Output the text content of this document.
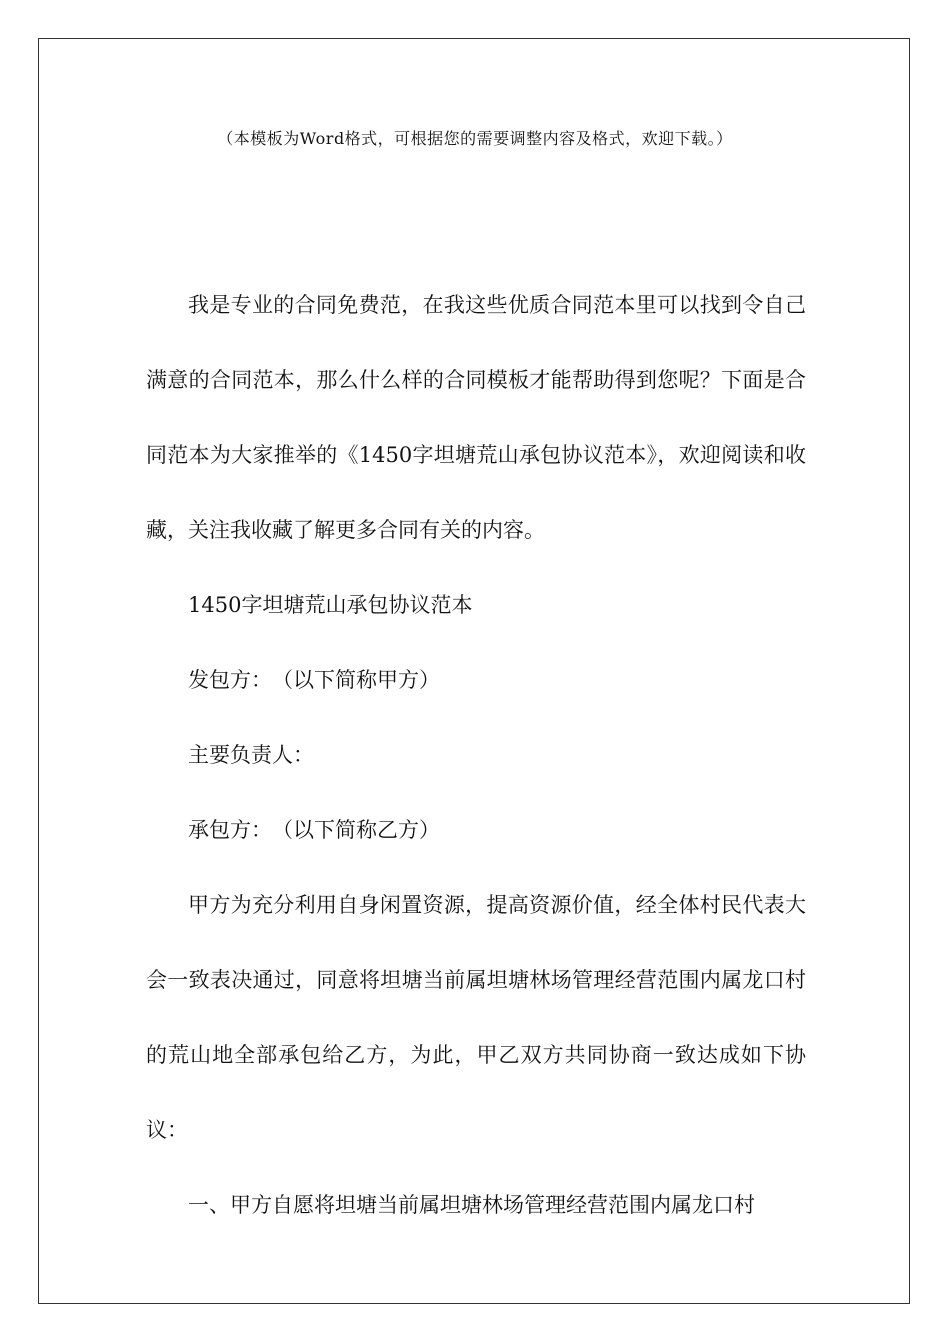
（本模板为Word格式，可根据您的需要调整内容及格式，欢迎下载。）

我是专业的合同免费范，在我这些优质合同范本里可以找到令自己满意的合同范本，那么什么样的合同模板才能帮助得到您呢？下面是合同范本为大家推举的《1450字坦塘荒山承包协议范本》，欢迎阅读和收藏，关注我收藏了解更多合同有关的内容。

1450字坦塘荒山承包协议范本

发包方：　（以下简称甲方）

主要负责人：

承包方：　（以下简称乙方）

甲方为充分利用自身闲置资源，提高资源价值，经全体村民代表大会一致表决通过，同意将坦塘当前属坦塘林场管理经营范围内属龙口村的荒山地全部承包给乙方，为此，甲乙双方共同协商一致达成如下协议：

一、甲方自愿将坦塘当前属坦塘林场管理经营范围内属龙口村
